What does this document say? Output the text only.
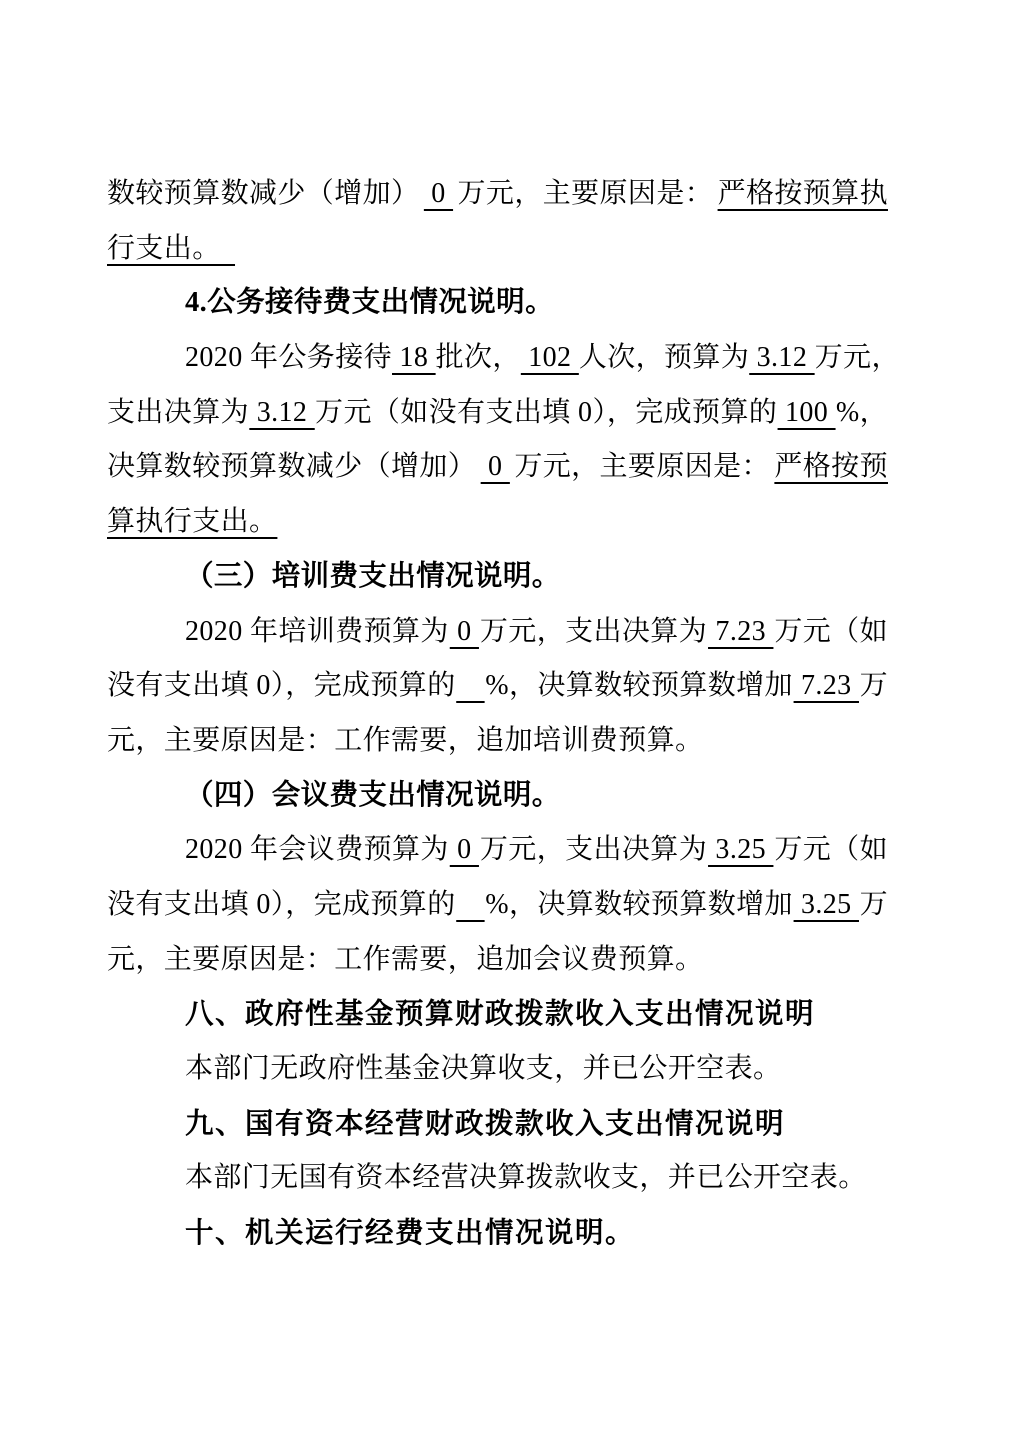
数较预算数减少（增加） 0 万元，主要原因是： 严格按预算执
行支出。　
4.公务接待费支出情况说明。
2020 年公务接待 18 批次， 102 人次，预算为 3.12 万元，
支出决算为 3.12 万元（如没有支出填 0），完成预算的 100 %，
决算数较预算数减少（增加） 0 万元，主要原因是： 严格按预
算执行支出。
（三）培训费支出情况说明。
2020 年培训费预算为 0 万元，支出决算为 7.23 万元（如
没有支出填 0），完成预算的
　 %，决算数较预算数增加 7.23 万
元，主要原因是：工作需要，追加培训费预算。
（四）会议费支出情况说明。
2020 年会议费预算为 0 万元，支出决算为 3.25 万元（如
没有支出填 0），完成预算的
　 %，决算数较预算数增加 3.25 万
元，主要原因是：工作需要，追加会议费预算。
八、政府性基金预算财政拨款收入支出情况说明
本部门无政府性基金决算收支，并已公开空表。
九、国有资本经营财政拨款收入支出情况说明
本部门无国有资本经营决算拨款收支，并已公开空表。
十、机关运行经费支出情况说明。
